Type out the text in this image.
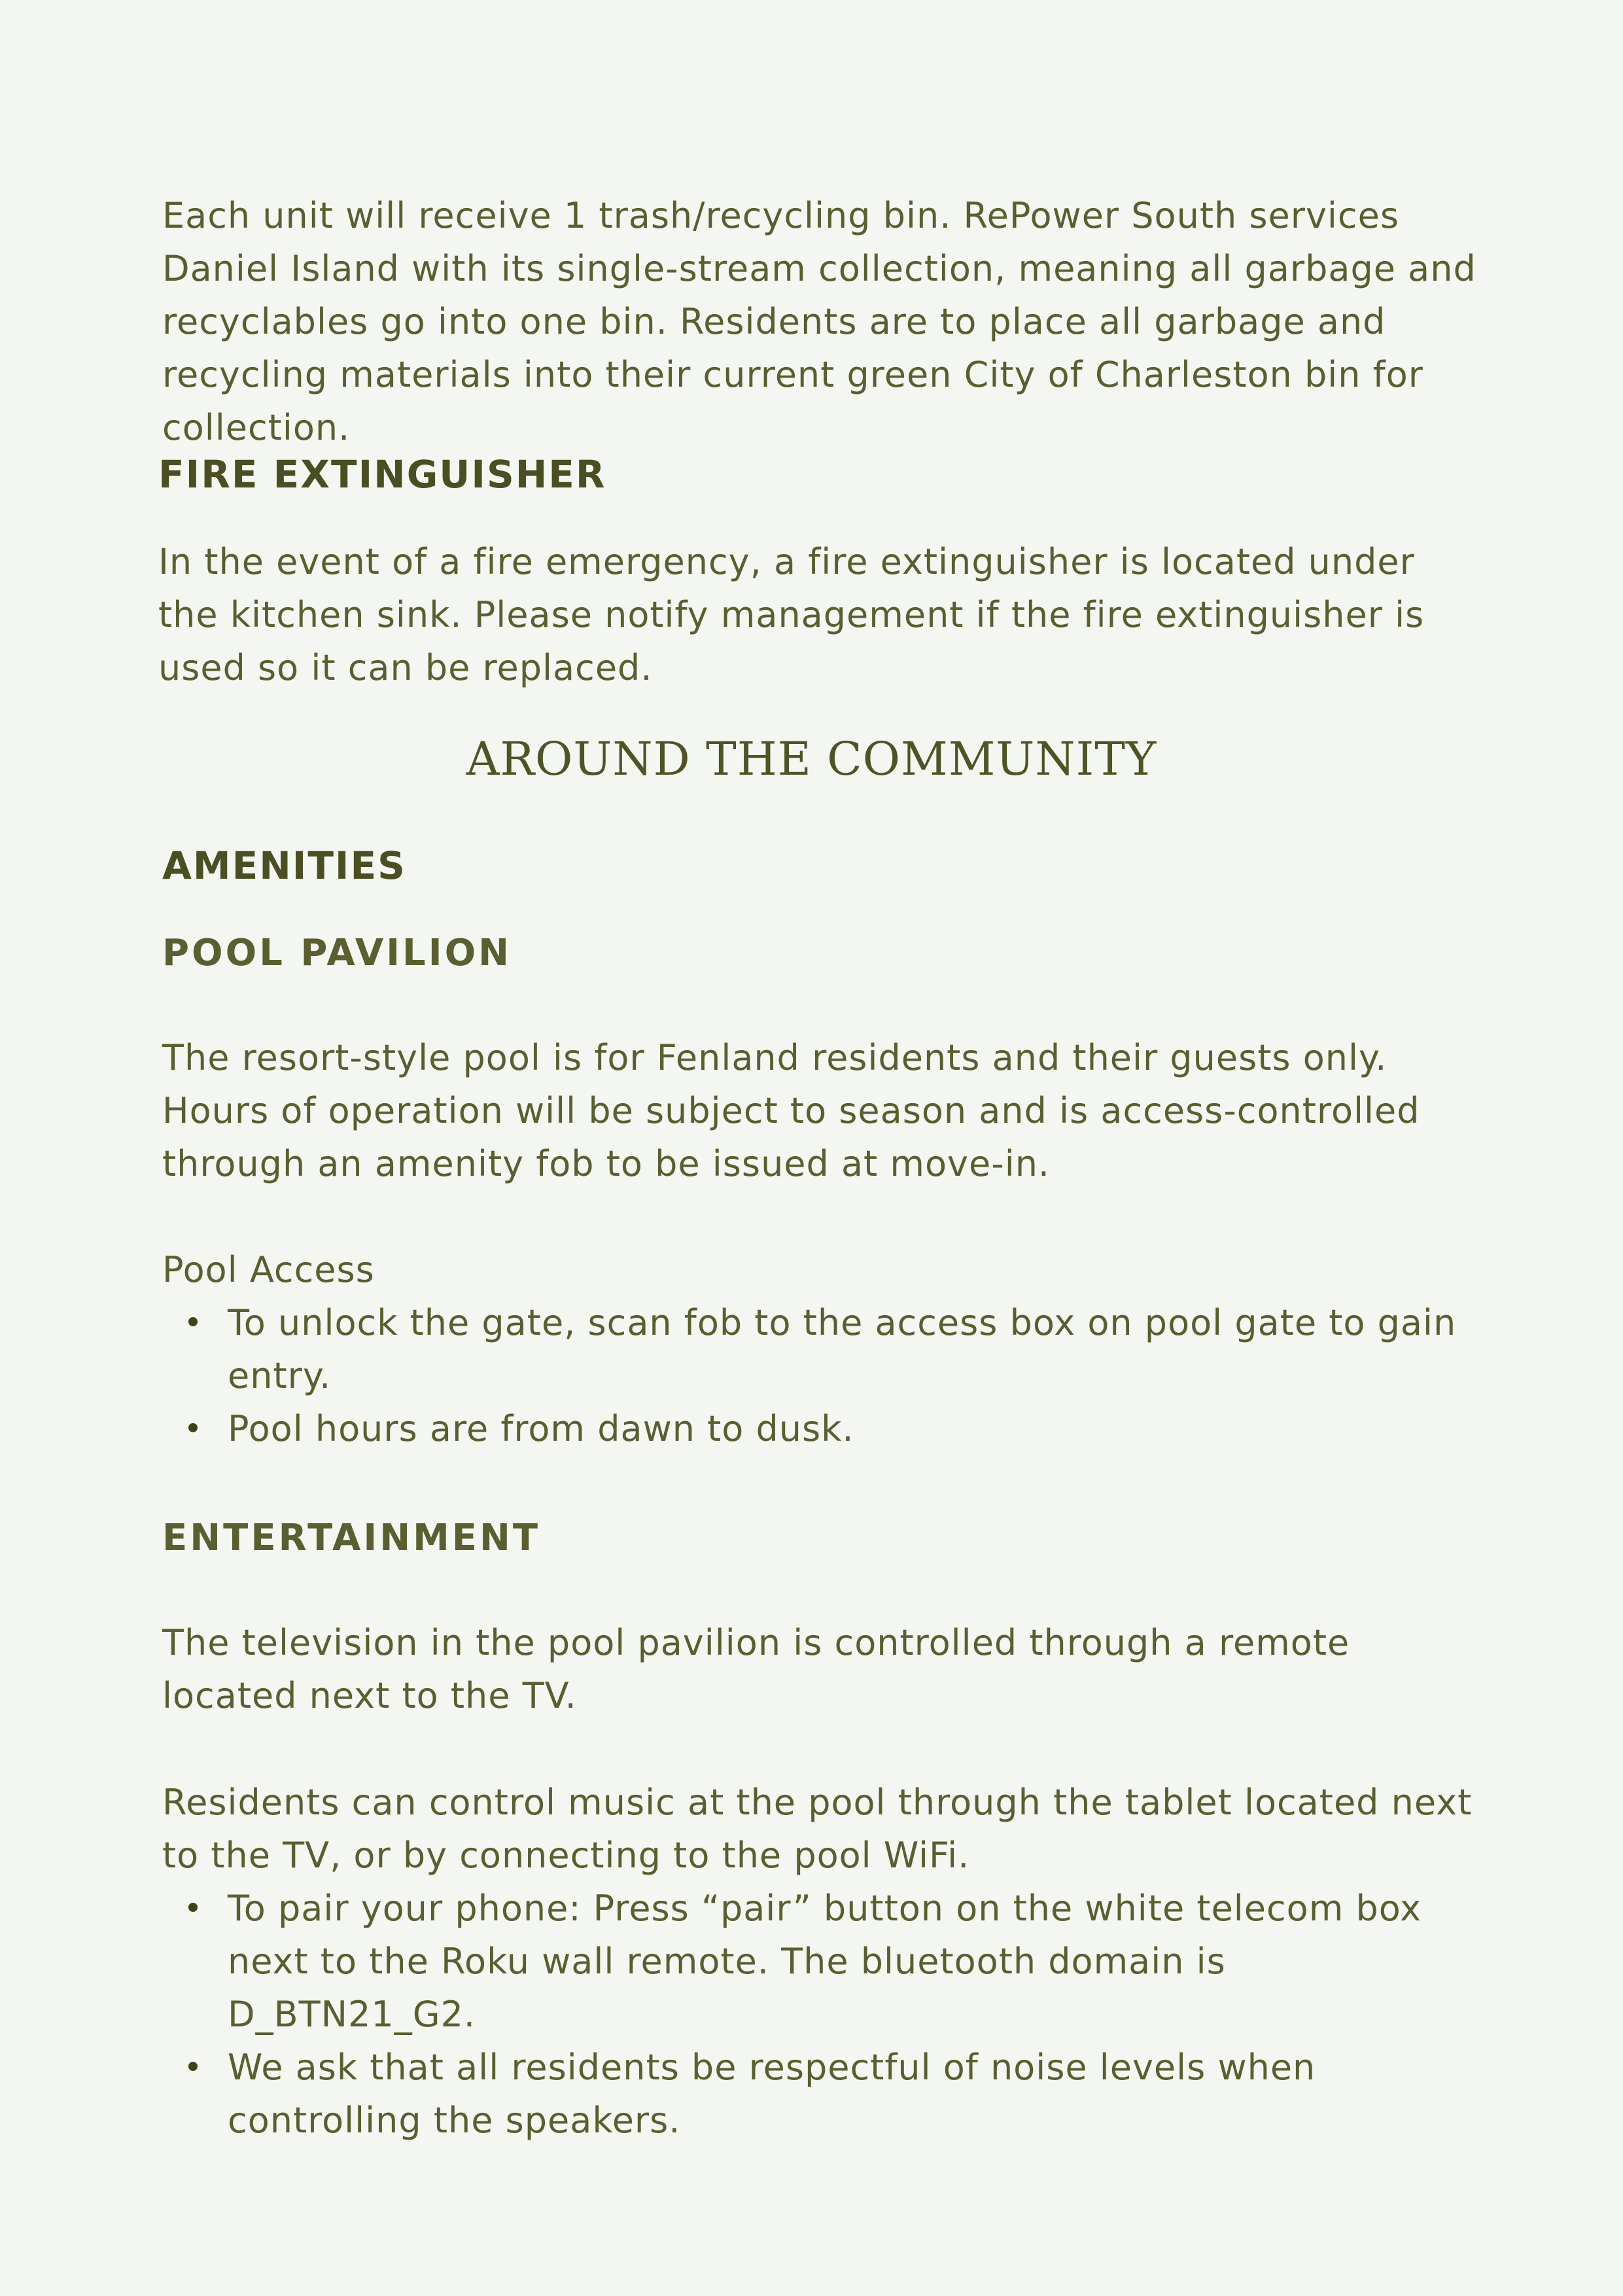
Each unit will receive 1 trash/recycling bin. RePower South services Daniel Island with its single-stream collection, meaning all garbage and recyclables go into one bin. Residents are to place all garbage and recycling materials into their current green City of Charleston bin for collection.

FIRE EXTINGUISHER

In the event of a fire emergency, a fire extinguisher is located under the kitchen sink. Please notify management if the fire extinguisher is used so it can be replaced.

AROUND THE COMMUNITY
AMENITIES
POOL PAVILION

The resort-style pool is for Fenland residents and their guests only. Hours of operation will be subject to season and is access-controlled through an amenity fob to be issued at move-in.

Pool Access

To unlock the gate, scan fob to the access box on pool gate to gain entry.
Pool hours are from dawn to dusk.
ENTERTAINMENT

The television in the pool pavilion is controlled through a remote located next to the TV.

Residents can control music at the pool through the tablet located next to the TV, or by connecting to the pool WiFi.

To pair your phone: Press “pair” button on the white telecom box next to the Roku wall remote. The bluetooth domain is D_BTN21_G2.
We ask that all residents be respectful of noise levels when controlling the speakers.
